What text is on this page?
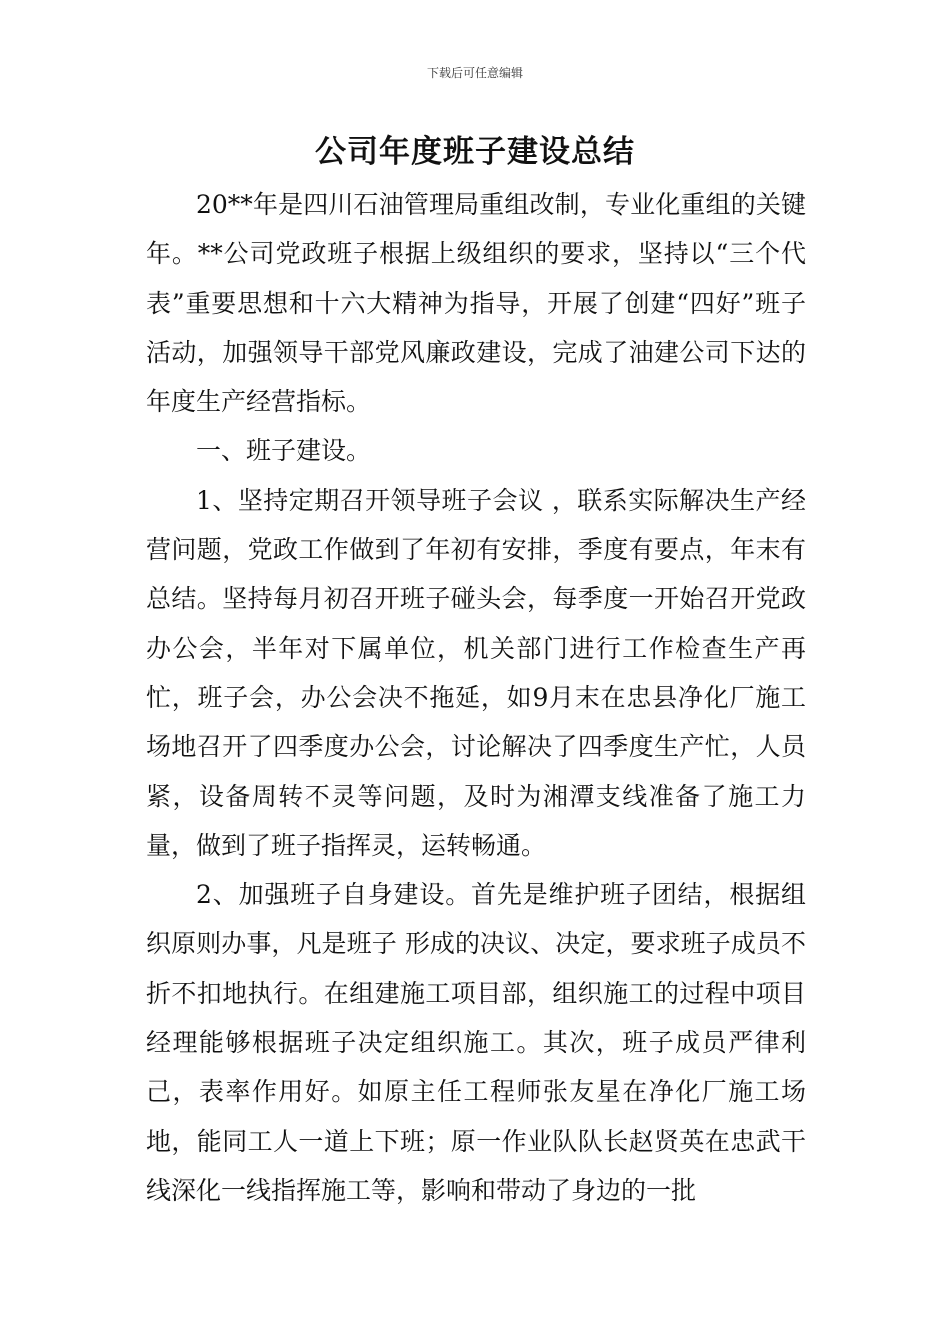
下载后可任意编辑
公司年度班子建设总结

20**年是四川石油管理局重组改制，专业化重组的关键年。**公司党政班子根据上级组织的要求，坚持以“三个代表”重要思想和十六大精神为指导，开展了创建“四好”班子活动，加强领导干部党风廉政建设，完成了油建公司下达的年度生产经营指标。

一、班子建设。

1、坚持定期召开领导班子会议 ，联系实际解决生产经营问题，党政工作做到了年初有安排，季度有要点，年末有总结。坚持每月初召开班子碰头会，每季度一开始召开党政办公会，半年对下属单位，机关部门进行工作检查生产再忙，班子会，办公会决不拖延，如9月末在忠县净化厂施工场地召开了四季度办公会，讨论解决了四季度生产忙，人员紧，设备周转不灵等问题，及时为湘潭支线准备了施工力量，做到了班子指挥灵，运转畅通。

2、加强班子自身建设。首先是维护班子团结，根据组织原则办事，凡是班子 形成的决议、决定，要求班子成员不折不扣地执行。在组建施工项目部，组织施工的过程中项目经理能够根据班子决定组织施工。其次，班子成员严律利己，表率作用好。如原主任工程师张友星在净化厂施工场地，能同工人一道上下班；原一作业队队长赵贤英在忠武干线深化一线指挥施工等，影响和带动了身边的一批
